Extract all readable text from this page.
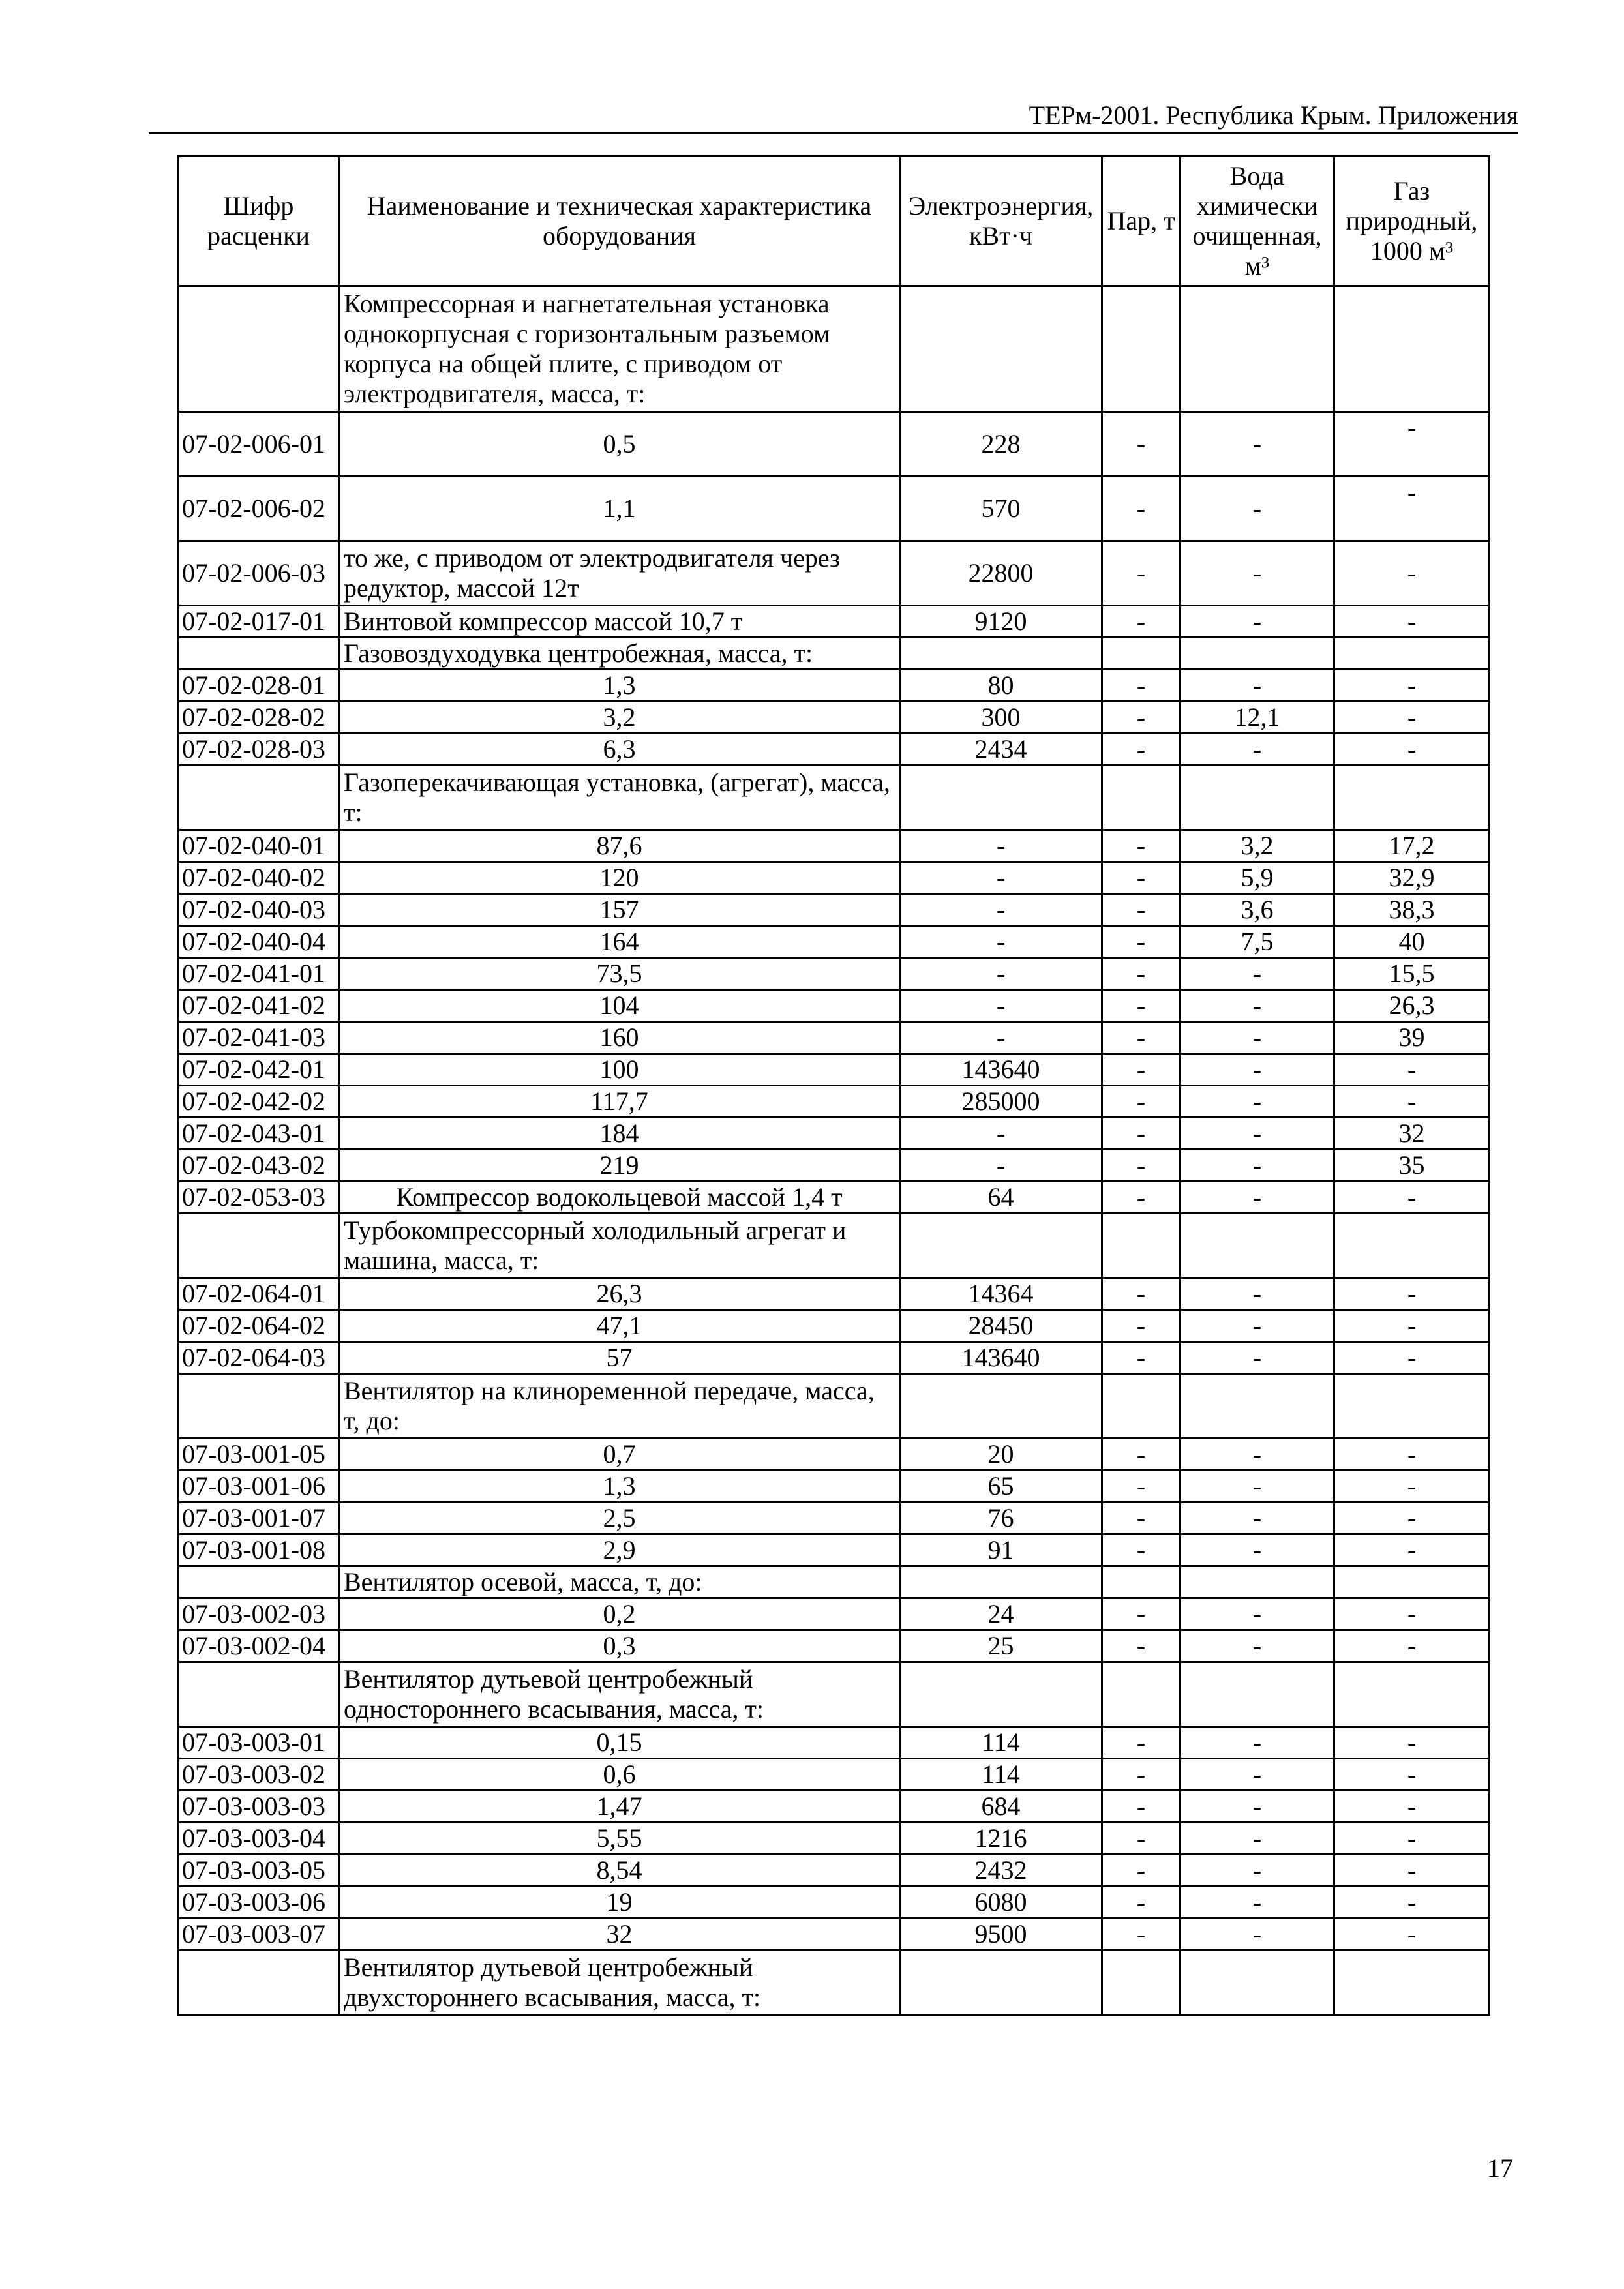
ТЕРм-2001. Республика Крым. Приложения
Шифр расценки	Наименование и техническая характеристика оборудования	Электроэнергия, кВт·ч	Пар, т	Вода химически очищенная, м³	Газ природный, 1000 м³
	Компрессорная и нагнетательная установка однокорпусная с горизонтальным разъемом корпуса на общей плите, с приводом от электродвигателя, масса, т:				
07-02-006-01	0,5	228	-	-	-
07-02-006-02	1,1	570	-	-	-
07-02-006-03	то же, с приводом от электродвигателя через редуктор, массой 12т	22800	-	-	-
07-02-017-01	Винтовой компрессор массой 10,7 т	9120	-	-	-
	Газовоздуходувка центробежная, масса, т:				
07-02-028-01	1,3	80	-	-	-
07-02-028-02	3,2	300	-	12,1	-
07-02-028-03	6,3	2434	-	-	-
	Газоперекачивающая установка, (агрегат), масса, т:				
07-02-040-01	87,6	-	-	3,2	17,2
07-02-040-02	120	-	-	5,9	32,9
07-02-040-03	157	-	-	3,6	38,3
07-02-040-04	164	-	-	7,5	40
07-02-041-01	73,5	-	-	-	15,5
07-02-041-02	104	-	-	-	26,3
07-02-041-03	160	-	-	-	39
07-02-042-01	100	143640	-	-	-
07-02-042-02	117,7	285000	-	-	-
07-02-043-01	184	-	-	-	32
07-02-043-02	219	-	-	-	35
07-02-053-03	Компрессор водокольцевой массой 1,4 т	64	-	-	-
	Турбокомпрессорный холодильный агрегат и машина, масса, т:				
07-02-064-01	26,3	14364	-	-	-
07-02-064-02	47,1	28450	-	-	-
07-02-064-03	57	143640	-	-	-
	Вентилятор на клиноременной передаче, масса, т, до:				
07-03-001-05	0,7	20	-	-	-
07-03-001-06	1,3	65	-	-	-
07-03-001-07	2,5	76	-	-	-
07-03-001-08	2,9	91	-	-	-
	Вентилятор осевой, масса, т, до:				
07-03-002-03	0,2	24	-	-	-
07-03-002-04	0,3	25	-	-	-
	Вентилятор дутьевой центробежный одностороннего всасывания, масса, т:				
07-03-003-01	0,15	114	-	-	-
07-03-003-02	0,6	114	-	-	-
07-03-003-03	1,47	684	-	-	-
07-03-003-04	5,55	1216	-	-	-
07-03-003-05	8,54	2432	-	-	-
07-03-003-06	19	6080	-	-	-
07-03-003-07	32	9500	-	-	-
	Вентилятор дутьевой центробежный двухстороннего всасывания, масса, т:				
17
